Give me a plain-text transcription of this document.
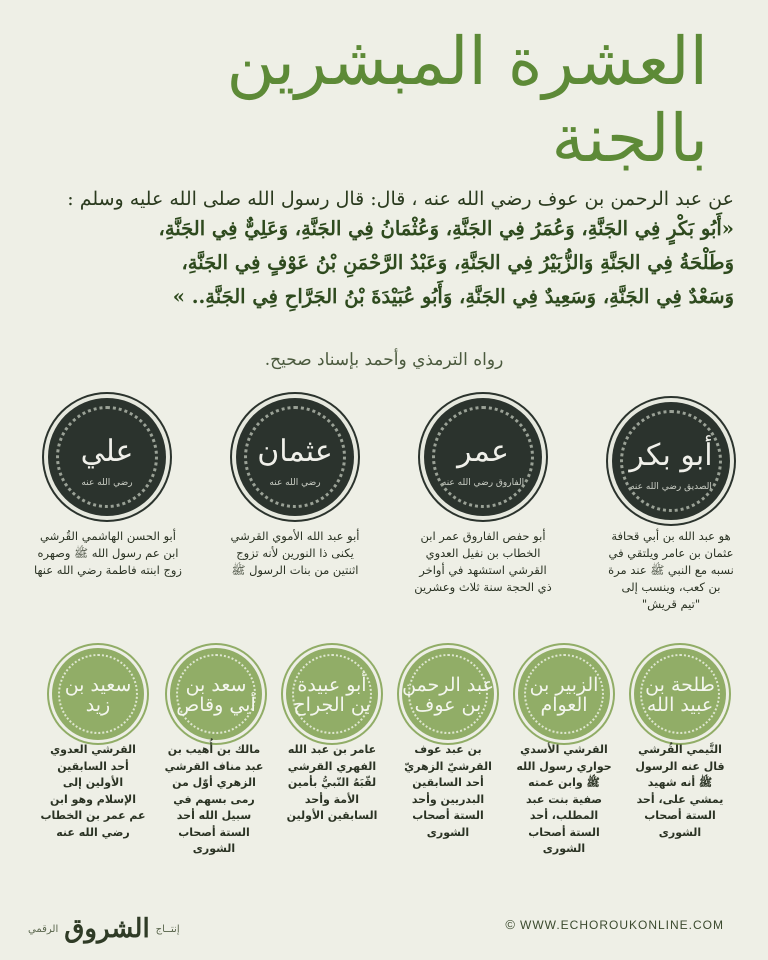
العشرة المبشرين بالجنة
عن عبد الرحمن بن عوف رضي الله عنه ، قال: قال رسول الله صلى الله عليه وسلم :
«أَبُو بَكْرٍ فِي الجَنَّةِ، وَعُمَرُ فِي الجَنَّةِ، وَعُثْمَانُ فِي الجَنَّةِ، وَعَلِيٌّ فِي الجَنَّةِ،
وَطَلْحَةُ فِي الجَنَّةِ وَالزُّبَيْرُ فِي الجَنَّةِ، وَعَبْدُ الرَّحْمَنِ بْنُ عَوْفٍ فِي الجَنَّةِ،
وَسَعْدٌ فِي الجَنَّةِ، وَسَعِيدٌ فِي الجَنَّةِ، وَأَبُو عُبَيْدَةَ بْنُ الجَرَّاحِ فِي الجَنَّةِ.. »
رواه الترمذي وأحمد بإسناد صحيح.
أبو بكر
الصديق رضي الله عنه
عمر
الفاروق رضي الله عنه
عثمان
رضي الله عنه
علي
رضي الله عنه
هو عبد الله بن أبي قحافة
عثمان بن عامر ويلتقي في
نسبه مع النبي ﷺ عند مرة
بن كعب، وينسب إلى
"تيم قريش"
أبو حفص الفاروق عمر ابن
الخطاب بن نفيل العدوي
القرشي استشهد في أواخر
ذي الحجة سنة ثلاث وعشرين
أبو عبد الله الأموي القرشي
يكنى ذا النورين لأنه تزوج
اثنتين من بنات الرسول ﷺ
أبو الحسن الهاشمي القُرشي
ابن عم رسول الله ﷺ وصهره
زوج ابنته فاطمة رضي الله عنها
طلحة بن عبيد الله
الزبير بن العوام
عبد الرحمن بن عوف
أبو عبيدة بن الجراح
سعد بن أبي وقاص
سعيد بن زيد
التَّيمي القُرشي
قال عنه الرسول
ﷺ أنه شهيد
يمشي على، أحد
الستة أصحاب
الشورى
القرشي الأسدي
حواري رسول الله
ﷺ وابن عمته
صفية بنت عبد
المطلب، أحد
الستة أصحاب
الشورى
بن عبد عوف
القرشيّ الزهريّ
أحد السابقين
البدريين وأحد
الستة أصحاب
الشورى
عامر بن عبد الله
الفهري القرشي
لقّبَهُ النّبيُّ بأمين
الأمة وأحد
السابقين الأولين
مالك بن أُهيب بن
عبد مناف القرشي
الزهري أوّل من
رمى بسهم في
سبيل الله أحد
الستة أصحاب
الشورى
القرشي العدوي
أحد السابقين
الأولين إلى
الإسلام وهو ابن
عم عمر بن الخطاب
رضي الله عنه
إنتــاج
الشروق
الرقمي	© WWW.ECHOROUKONLINE.COM
